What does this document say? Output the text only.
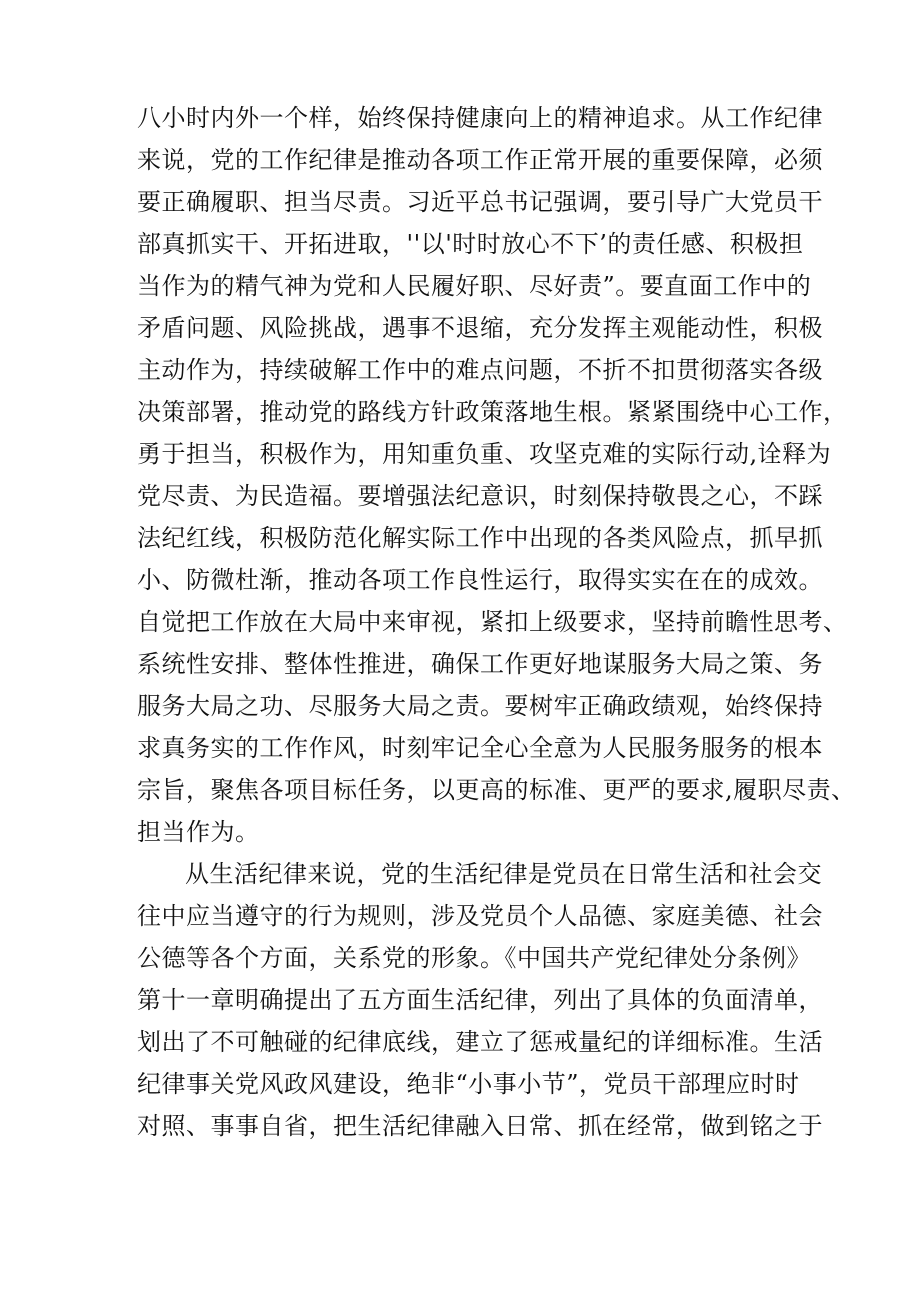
八小时内外一个样，始终保持健康向上的精神追求。从工作纪律
来说，党的工作纪律是推动各项工作正常开展的重要保障，必须
要正确履职、担当尽责。习近平总书记强调，要引导广大党员干
部真抓实干、开拓进取，''以'时时放心不下’的责任感、积极担
当作为的精气神为党和人民履好职、尽好责”。要直面工作中的
矛盾问题、风险挑战，遇事不退缩，充分发挥主观能动性，积极
主动作为，持续破解工作中的难点问题，不折不扣贯彻落实各级
决策部署，推动党的路线方针政策落地生根。紧紧围绕中心工作，
勇于担当，积极作为，用知重负重、攻坚克难的实际行动,诠释为
党尽责、为民造福。要增强法纪意识，时刻保持敬畏之心，不踩
法纪红线，积极防范化解实际工作中出现的各类风险点，抓早抓
小、防微杜渐，推动各项工作良性运行，取得实实在在的成效。
自觉把工作放在大局中来审视，紧扣上级要求，坚持前瞻性思考、
系统性安排、整体性推进，确保工作更好地谋服务大局之策、务
服务大局之功、尽服务大局之责。要树牢正确政绩观，始终保持
求真务实的工作作风，时刻牢记全心全意为人民服务服务的根本
宗旨，聚焦各项目标任务，以更高的标准、更严的要求,履职尽责、
担当作为。
从生活纪律来说，党的生活纪律是党员在日常生活和社会交
往中应当遵守的行为规则，涉及党员个人品德、家庭美德、社会
公德等各个方面，关系党的形象。《中国共产党纪律处分条例》
第十一章明确提出了五方面生活纪律，列出了具体的负面清单，
划出了不可触碰的纪律底线，建立了惩戒量纪的详细标准。生活
纪律事关党风政风建设，绝非“小事小节”，党员干部理应时时
对照、事事自省，把生活纪律融入日常、抓在经常，做到铭之于
